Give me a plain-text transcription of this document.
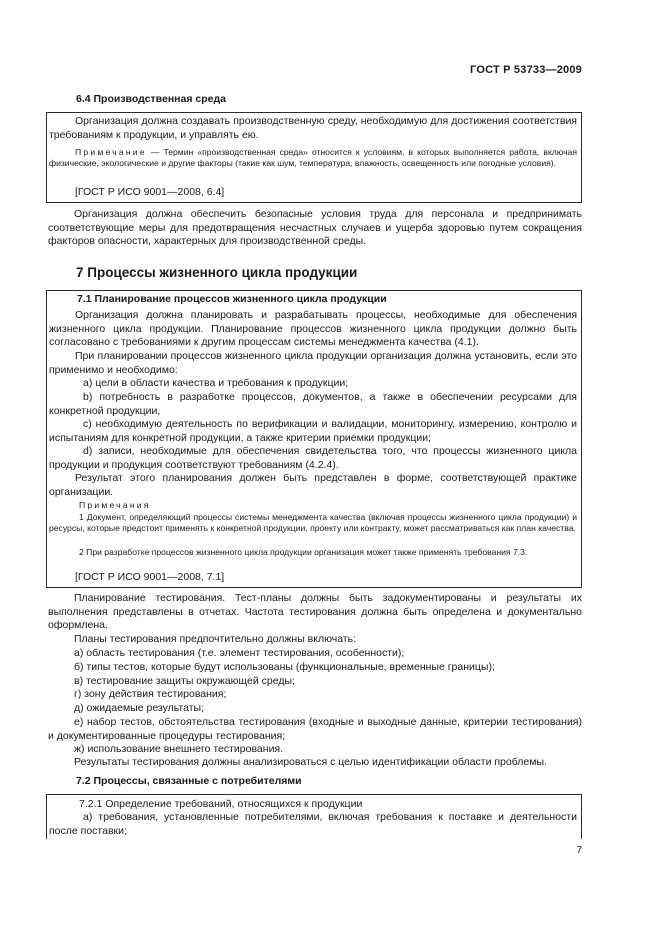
ГОСТ Р 53733—2009
6.4 Производственная среда
Организация должна создавать производственную среду, необходимую для достижения соответствия требованиям к продукции, и управлять ею.
Примечание — Термин «производственная среда» относится к условиям, в которых выполняется работа, включая физические, экологические и другие факторы (такие как шум, температура, влажность, освещенность или погодные условия).
[ГОСТ Р ИСО 9001—2008, 6.4]
Организация должна обеспечить безопасные условия труда для персонала и предпринимать соответствующие меры для предотвращения несчастных случаев и ущерба здоровью путем сокращения факторов опасности, характерных для производственной среды.
7 Процессы жизненного цикла продукции
7.1 Планирование процессов жизненного цикла продукции
Организация должна планировать и разрабатывать процессы, необходимые для обеспечения жизненного цикла продукции. Планирование процессов жизненного цикла продукции должно быть согласовано с требованиями к другим процессам системы менеджмента качества (4.1).
При планировании процессов жизненного цикла продукции организация должна установить, если это применимо и необходимо:
a) цели в области качества и требования к продукции;
b) потребность в разработке процессов, документов, а также в обеспечении ресурсами для конкретной продукции,
c) необходимую деятельность по верификации и валидации, мониторингу, измерению, контролю и испытаниям для конкретной продукции, а также критерии приемки продукции;
d) записи, необходимые для обеспечения свидетельства того, что процессы жизненного цикла продукции и продукция соответствуют требованиям (4.2.4).
Результат этого планирования должен быть представлен в форме, соответствующей практике организации.
Примечания
1 Документ, определяющий процессы системы менеджмента качества (включая процессы жизненного цикла продукции) и ресурсы, которые предстоит применять к конкретной продукции, проекту или контракту, может рассматриваться как план качества.
2 При разработке процессов жизненного цикла продукции организация может также применять требования 7.3.
[ГОСТ Р ИСО 9001—2008, 7.1]
Планирование тестирования. Тест-планы должны быть задокументированы и результаты их выполнения представлены в отчетах. Частота тестирования должна быть определена и документально оформлена.
Планы тестирования предпочтительно должны включать:
а) область тестирования (т.е. элемент тестирования, особенности);
б) типы тестов, которые будут использованы (функциональные, временные границы);
в) тестирование защиты окружающей среды;
г) зону действия тестирования;
д) ожидаемые результаты;
е) набор тестов, обстоятельства тестирования (входные и выходные данные, критерии тестирования) и документированные процедуры тестирования;
ж) использование внешнего тестирования.
Результаты тестирования должны анализироваться с целью идентификации области проблемы.
7.2 Процессы, связанные с потребителями
7.2.1 Определение требований, относящихся к продукции
а) требования, установленные потребителями, включая требования к поставке и деятельности после поставки;
7
